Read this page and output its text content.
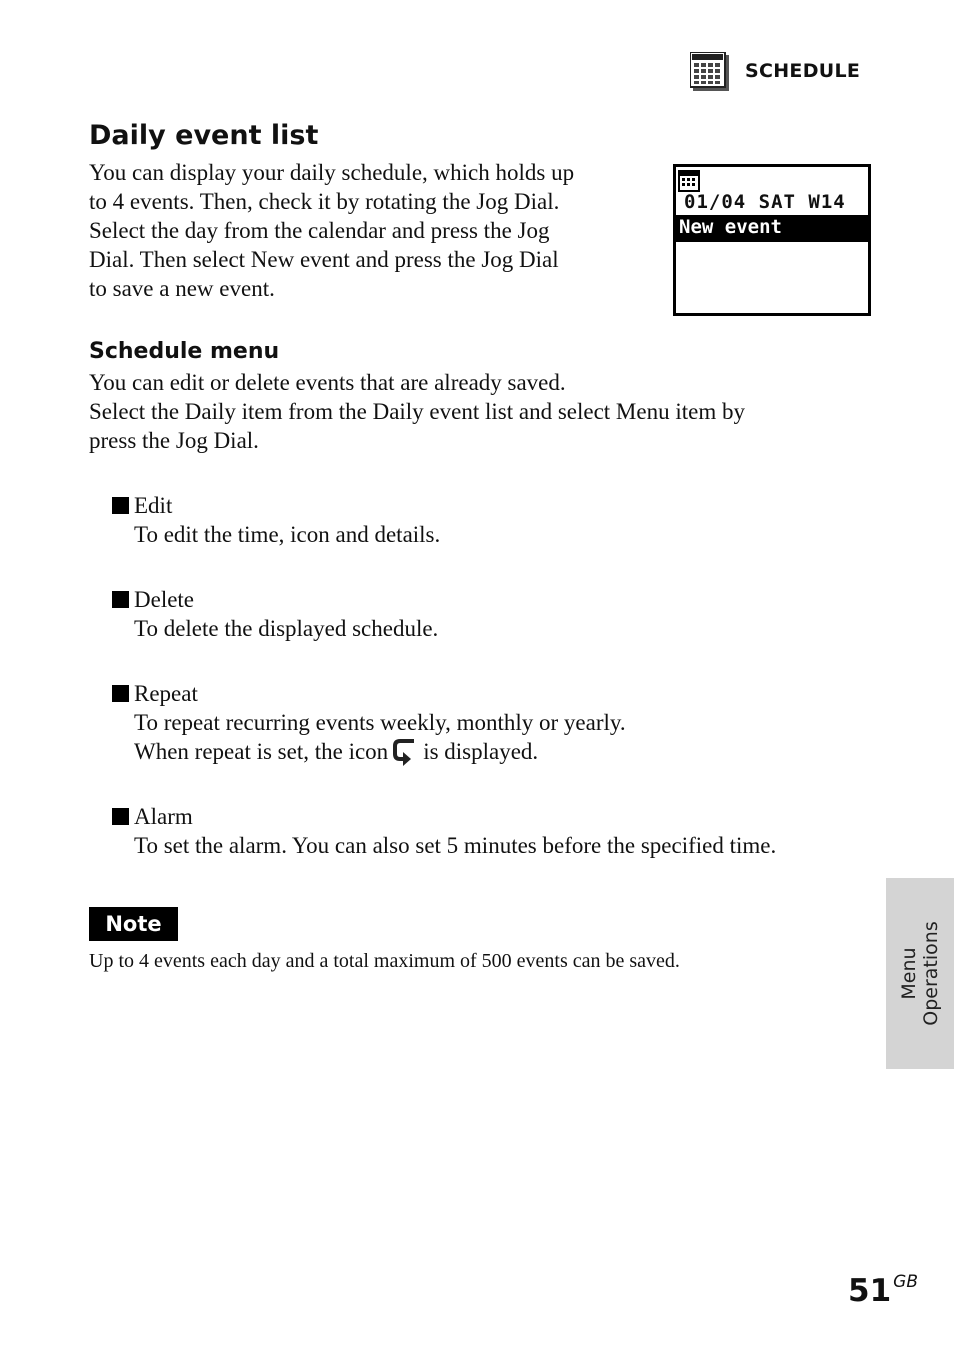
SCHEDULE
Daily event list
You can display your daily schedule, which holds up
to 4 events. Then, check it by rotating the Jog Dial.
Select the day from the calendar and press the Jog
Dial. Then select New event and press the Jog Dial
to save a new event.
01/04 SAT W14
New event
Schedule menu
You can edit or delete events that are already saved.
Select the Daily item from the Daily event list and select Menu item by
press the Jog Dial.
Edit
To edit the time, icon and details.
Delete
To delete the displayed schedule.
Repeat
To repeat recurring events weekly, monthly or yearly.
When repeat is set, the icon is displayed.
Alarm
To set the alarm. You can also set 5 minutes before the specified time.
Note
Up to 4 events each day and a total maximum of 500 events can be saved.	Menu Operations
51 $^{GB}$
